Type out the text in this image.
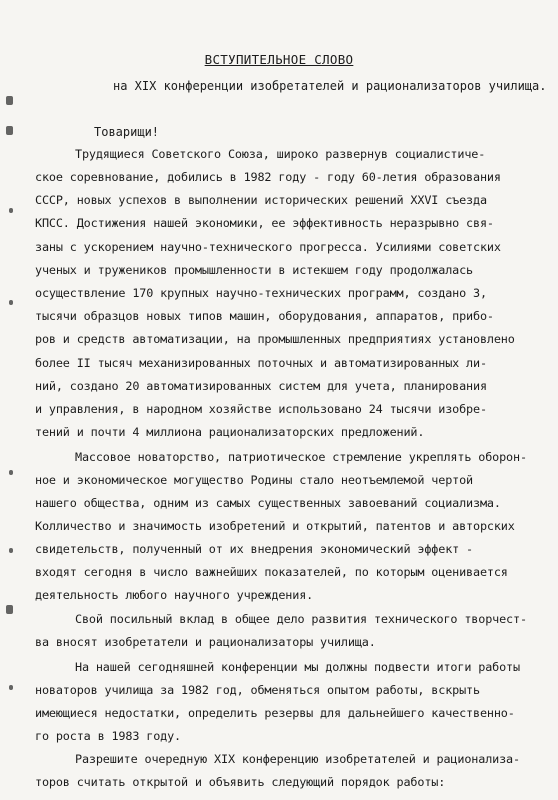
ВСТУПИТЕЛЬНОЕ СЛОВО
на XIX конференции изобретателей и рационализаторов училища.
Товарищи!
Трудящиеся Советского Союза, широко развернув социалистиче-
ское соревнование, добились в 1982 году - году 60-летия образования
СССР, новых успехов в выполнении исторических решений XXVI съезда
КПСС. Достижения нашей экономики, ее эффективность неразрывно свя-
заны с ускорением научно-технического прогресса. Усилиями советских
ученых и тружеников промышленности в истекшем году продолжалась
осуществление 170 крупных научно-технических программ, создано 3,
тысячи образцов новых типов машин, оборудования, аппаратов, прибо-
ров и средств автоматизации, на промышленных предприятиях установлено
более II тысяч механизированных поточных и автоматизированных ли-
ний, создано 20 автоматизированных систем для учета, планирования
и управления, в народном хозяйстве использовано 24 тысячи изобре-
тений и почти 4 миллиона рационализаторских предложений.
Массовое новаторство, патриотическое стремление укреплять оборон-
ное и экономическое могущество Родины стало неотъемлемой чертой
нашего общества, одним из самых существенных завоеваний социализма.
Колличество и значимость изобретений и открытий, патентов и авторских
свидетельств, полученный от их внедрения экономический эффект -
входят сегодня в число важнейших показателей, по которым оценивается
деятельность любого научного учреждения.
Свой посильный вклад в общее дело развития технического творчест-
ва вносят изобретатели и рационализаторы училища.
На нашей сегодняшней конференции мы должны подвести итоги работы
новаторов училища за 1982 год, обменяться опытом работы, вскрыть
имеющиеся недостатки, определить резервы для дальнейшего качественно-
го роста в 1983 году.
Разрешите очередную XIX конференцию изобретателей и рационализа-
торов считать открытой и объявить следующий порядок работы:
